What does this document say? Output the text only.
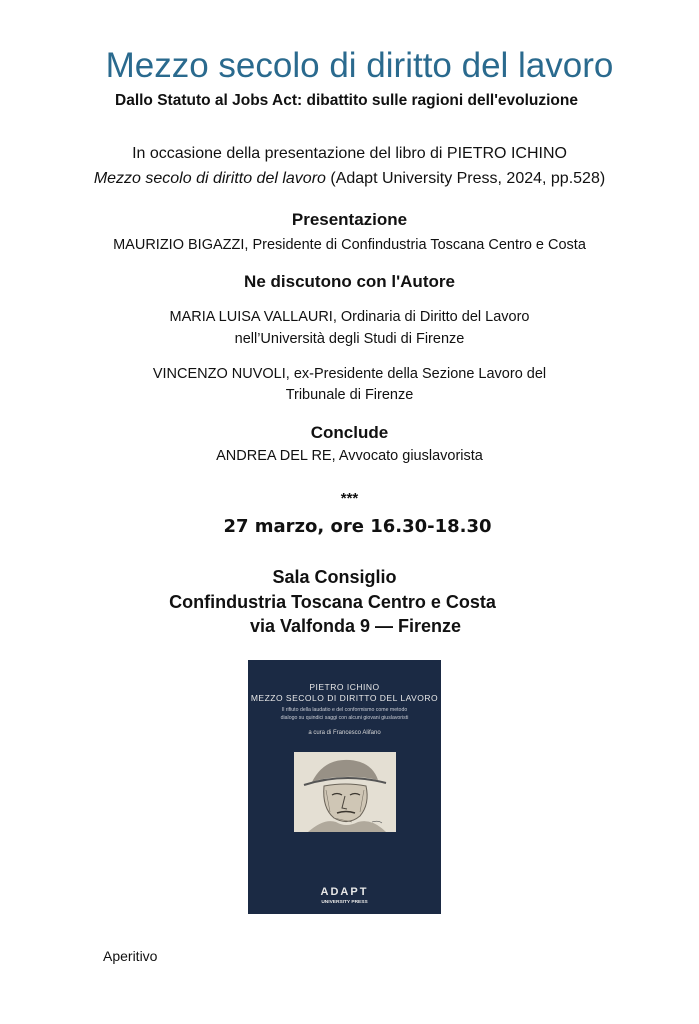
Mezzo secolo di diritto del lavoro
Dallo Statuto al Jobs Act: dibattito sulle ragioni dell'evoluzione
In occasione della presentazione del libro di PIETRO ICHINO
Mezzo secolo di diritto del lavoro (Adapt University Press, 2024, pp.528)
Presentazione
MAURIZIO BIGAZZI, Presidente di Confindustria Toscana Centro e Costa
Ne discutono con l'Autore
MARIA LUISA VALLAURI, Ordinaria di Diritto del Lavoro
nell’Università degli Studi di Firenze
VINCENZO NUVOLI, ex-Presidente della Sezione Lavoro del
Tribunale di Firenze
Conclude
ANDREA DEL RE, Avvocato giuslavorista
***
27 marzo, ore 16.30-18.30
Sala Consiglio
Confindustria Toscana Centro e Costa
via Valfonda 9 — Firenze
PIETRO ICHINO
MEZZO SECOLO DI DIRITTO DEL LAVORO
Il rifiuto della laudatio e del conformismo come metodo
dialogo su quindici saggi con alcuni giovani giuslavoristi
a cura di Francesco Alifano
ADAPT
UNIVERSITY PRESS
Aperitivo
